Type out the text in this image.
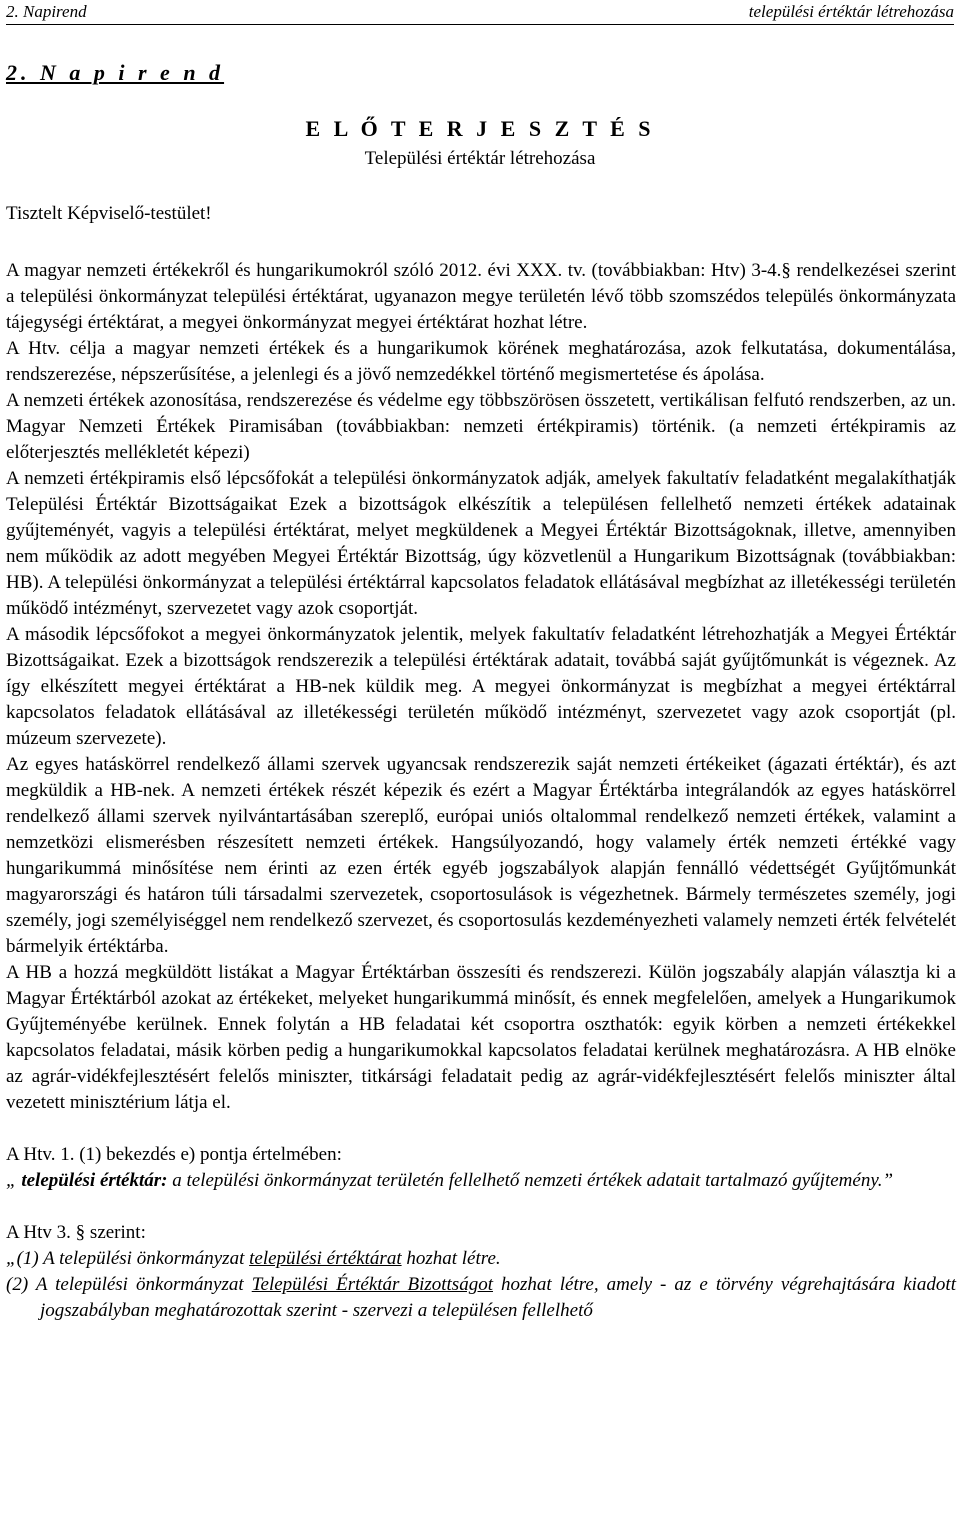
2. Napirend	települési értéktár létrehozása
2. N a p i r e n d
E L Ő T E R J E S Z T É S
Települési értéktár létrehozása
Tisztelt Képviselő-testület!

A magyar nemzeti értékekről és hungarikumokról szóló 2012. évi XXX. tv. (továbbiakban: Htv) 3-4.§ rendelkezései szerint a települési önkormányzat települési értéktárat, ugyanazon megye területén lévő több szomszédos település önkormányzata tájegységi értéktárat, a megyei önkormányzat megyei értéktárat hozhat létre.

A Htv. célja a magyar nemzeti értékek és a hungarikumok körének meghatározása, azok felkutatása, dokumentálása, rendszerezése, népszerűsítése, a jelenlegi és a jövő nemzedékkel történő megismertetése és ápolása.

A nemzeti értékek azonosítása, rendszerezése és védelme egy többszörösen összetett, vertikálisan felfutó rendszerben, az un. Magyar Nemzeti Értékek Piramisában (továbbiakban: nemzeti értékpiramis) történik. (a nemzeti értékpiramis az előterjesztés mellékletét képezi)

A nemzeti értékpiramis első lépcsőfokát a települési önkormányzatok adják, amelyek fakultatív feladatként megalakíthatják Települési Értéktár Bizottságaikat Ezek a bizottságok elkészítik a településen fellelhető nemzeti értékek adatainak gyűjteményét, vagyis a települési értéktárat, melyet megküldenek a Megyei Értéktár Bizottságoknak, illetve, amennyiben nem működik az adott megyében Megyei Értéktár Bizottság, úgy közvetlenül a Hungarikum Bizottságnak (továbbiakban: HB). A települési önkormányzat a települési értéktárral kapcsolatos feladatok ellátásával megbízhat az illetékességi területén működő intézményt, szervezetet vagy azok csoportját.

A második lépcsőfokot a megyei önkormányzatok jelentik, melyek fakultatív feladatként létrehozhatják a Megyei Értéktár Bizottságaikat. Ezek a bizottságok rendszerezik a települési értéktárak adatait, továbbá saját gyűjtőmunkát is végeznek. Az így elkészített megyei értéktárat a HB-nek küldik meg. A megyei önkormányzat is megbízhat a megyei értéktárral kapcsolatos feladatok ellátásával az illetékességi területén működő intézményt, szervezetet vagy azok csoportját (pl. múzeum szervezete).

Az egyes hatáskörrel rendelkező állami szervek ugyancsak rendszerezik saját nemzeti értékeiket (ágazati értéktár), és azt megküldik a HB-nek. A nemzeti értékek részét képezik és ezért a Magyar Értéktárba integrálandók az egyes hatáskörrel rendelkező állami szervek nyilvántartásában szereplő, európai uniós oltalommal rendelkező nemzeti értékek, valamint a nemzetközi elismerésben részesített nemzeti értékek. Hangsúlyozandó, hogy valamely érték nemzeti értékké vagy hungarikummá minősítése nem érinti az ezen érték egyéb jogszabályok alapján fennálló védettségét Gyűjtőmunkát magyarországi és határon túli társadalmi szervezetek, csoportosulások is végezhetnek. Bármely természetes személy, jogi személy, jogi személyiséggel nem rendelkező szervezet, és csoportosulás kezdeményezheti valamely nemzeti érték felvételét bármelyik értéktárba.

A HB a hozzá megküldött listákat a Magyar Értéktárban összesíti és rendszerezi. Külön jogszabály alapján választja ki a Magyar Értéktárból azokat az értékeket, melyeket hungarikummá minősít, és ennek megfelelően, amelyek a Hungarikumok Gyűjteményébe kerülnek. Ennek folytán a HB feladatai két csoportra oszthatók: egyik körben a nemzeti értékekkel kapcsolatos feladatai, másik körben pedig a hungarikumokkal kapcsolatos feladatai kerülnek meghatározásra. A HB elnöke az agrár-vidékfejlesztésért felelős miniszter, titkársági feladatait pedig az agrár-vidékfejlesztésért felelős miniszter által vezetett minisztérium látja el.

A Htv. 1. (1) bekezdés e) pontja értelmében:

„ települési értéktár: a települési önkormányzat területén fellelhető nemzeti értékek adatait tartalmazó gyűjtemény.”

A Htv 3. § szerint:

„(1) A települési önkormányzat települési értéktárat hozhat létre.

(2) A települési önkormányzat Települési Értéktár Bizottságot hozhat létre, amely - az e törvény végrehajtására kiadott jogszabályban meghatározottak szerint - szervezi a településen fellelhető
